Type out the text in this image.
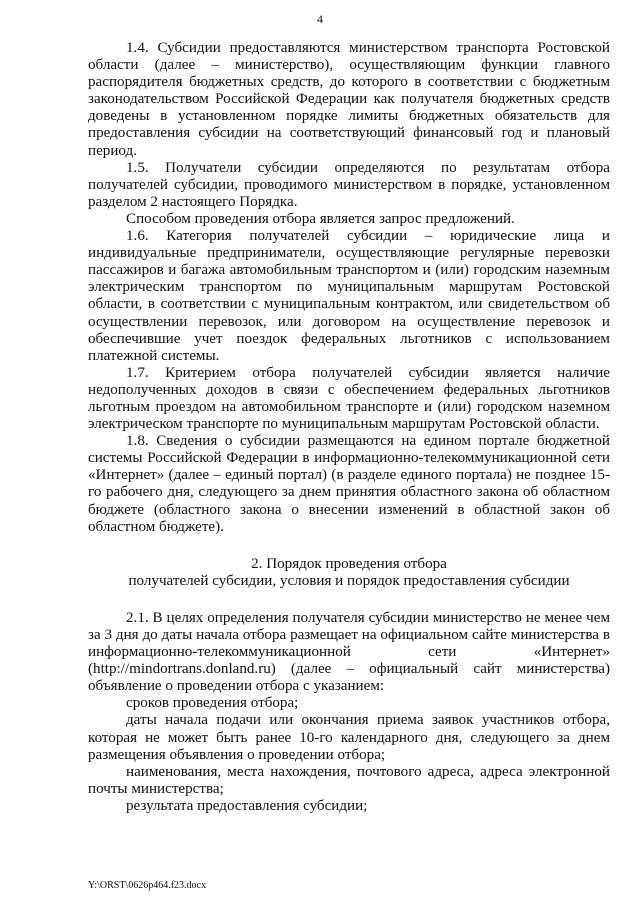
4

1.4. Субсидии предоставляются министерством транспорта Ростовской области (далее – министерство), осуществляющим функции главного распорядителя бюджетных средств, до которого в соответствии с бюджетным законодательством Российской Федерации как получателя бюджетных средств доведены в установленном порядке лимиты бюджетных обязательств для предоставления субсидии на соответствующий финансовый год и плановый период.

1.5. Получатели субсидии определяются по результатам отбора получателей субсидии, проводимого министерством в порядке, установленном разделом 2 настоящего Порядка.

Способом проведения отбора является запрос предложений.

1.6. Категория получателей субсидии – юридические лица и индивидуальные предприниматели, осуществляющие регулярные перевозки пассажиров и багажа автомобильным транспортом и (или) городским наземным электрическим транспортом по муниципальным маршрутам Ростовской области, в соответствии с муниципальным контрактом, или свидетельством об осуществлении перевозок, или договором на осуществление перевозок и обеспечившие учет поездок федеральных льготников с использованием платежной системы.

1.7. Критерием отбора получателей субсидии является наличие недополученных доходов в связи с обеспечением федеральных льготников льготным проездом на автомобильном транспорте и (или) городском наземном электрическом транспорте по муниципальным маршрутам Ростовской области.

1.8. Сведения о субсидии размещаются на едином портале бюджетной системы Российской Федерации в информационно-телекоммуникационной сети «Интернет» (далее – единый портал) (в разделе единого портала) не позднее 15-го рабочего дня, следующего за днем принятия областного закона об областном бюджете (областного закона о внесении изменений в областной закон об областном бюджете).

2. Порядок проведения отбора

получателей субсидии, условия и порядок предоставления субсидии

2.1. В целях определения получателя субсидии министерство не менее чем за 3 дня до даты начала отбора размещает на официальном сайте министерства в информационно-телекоммуникационной сети «Интернет» (http://mindortrans.donland.ru) (далее – официальный сайт министерства) объявление о проведении отбора с указанием:

сроков проведения отбора;

даты начала подачи или окончания приема заявок участников отбора, которая не может быть ранее 10-го календарного дня, следующего за днем размещения объявления о проведении отбора;

наименования, места нахождения, почтового адреса, адреса электронной почты министерства;

результата предоставления субсидии;

Y:\ORST\0626p464.f23.docx
